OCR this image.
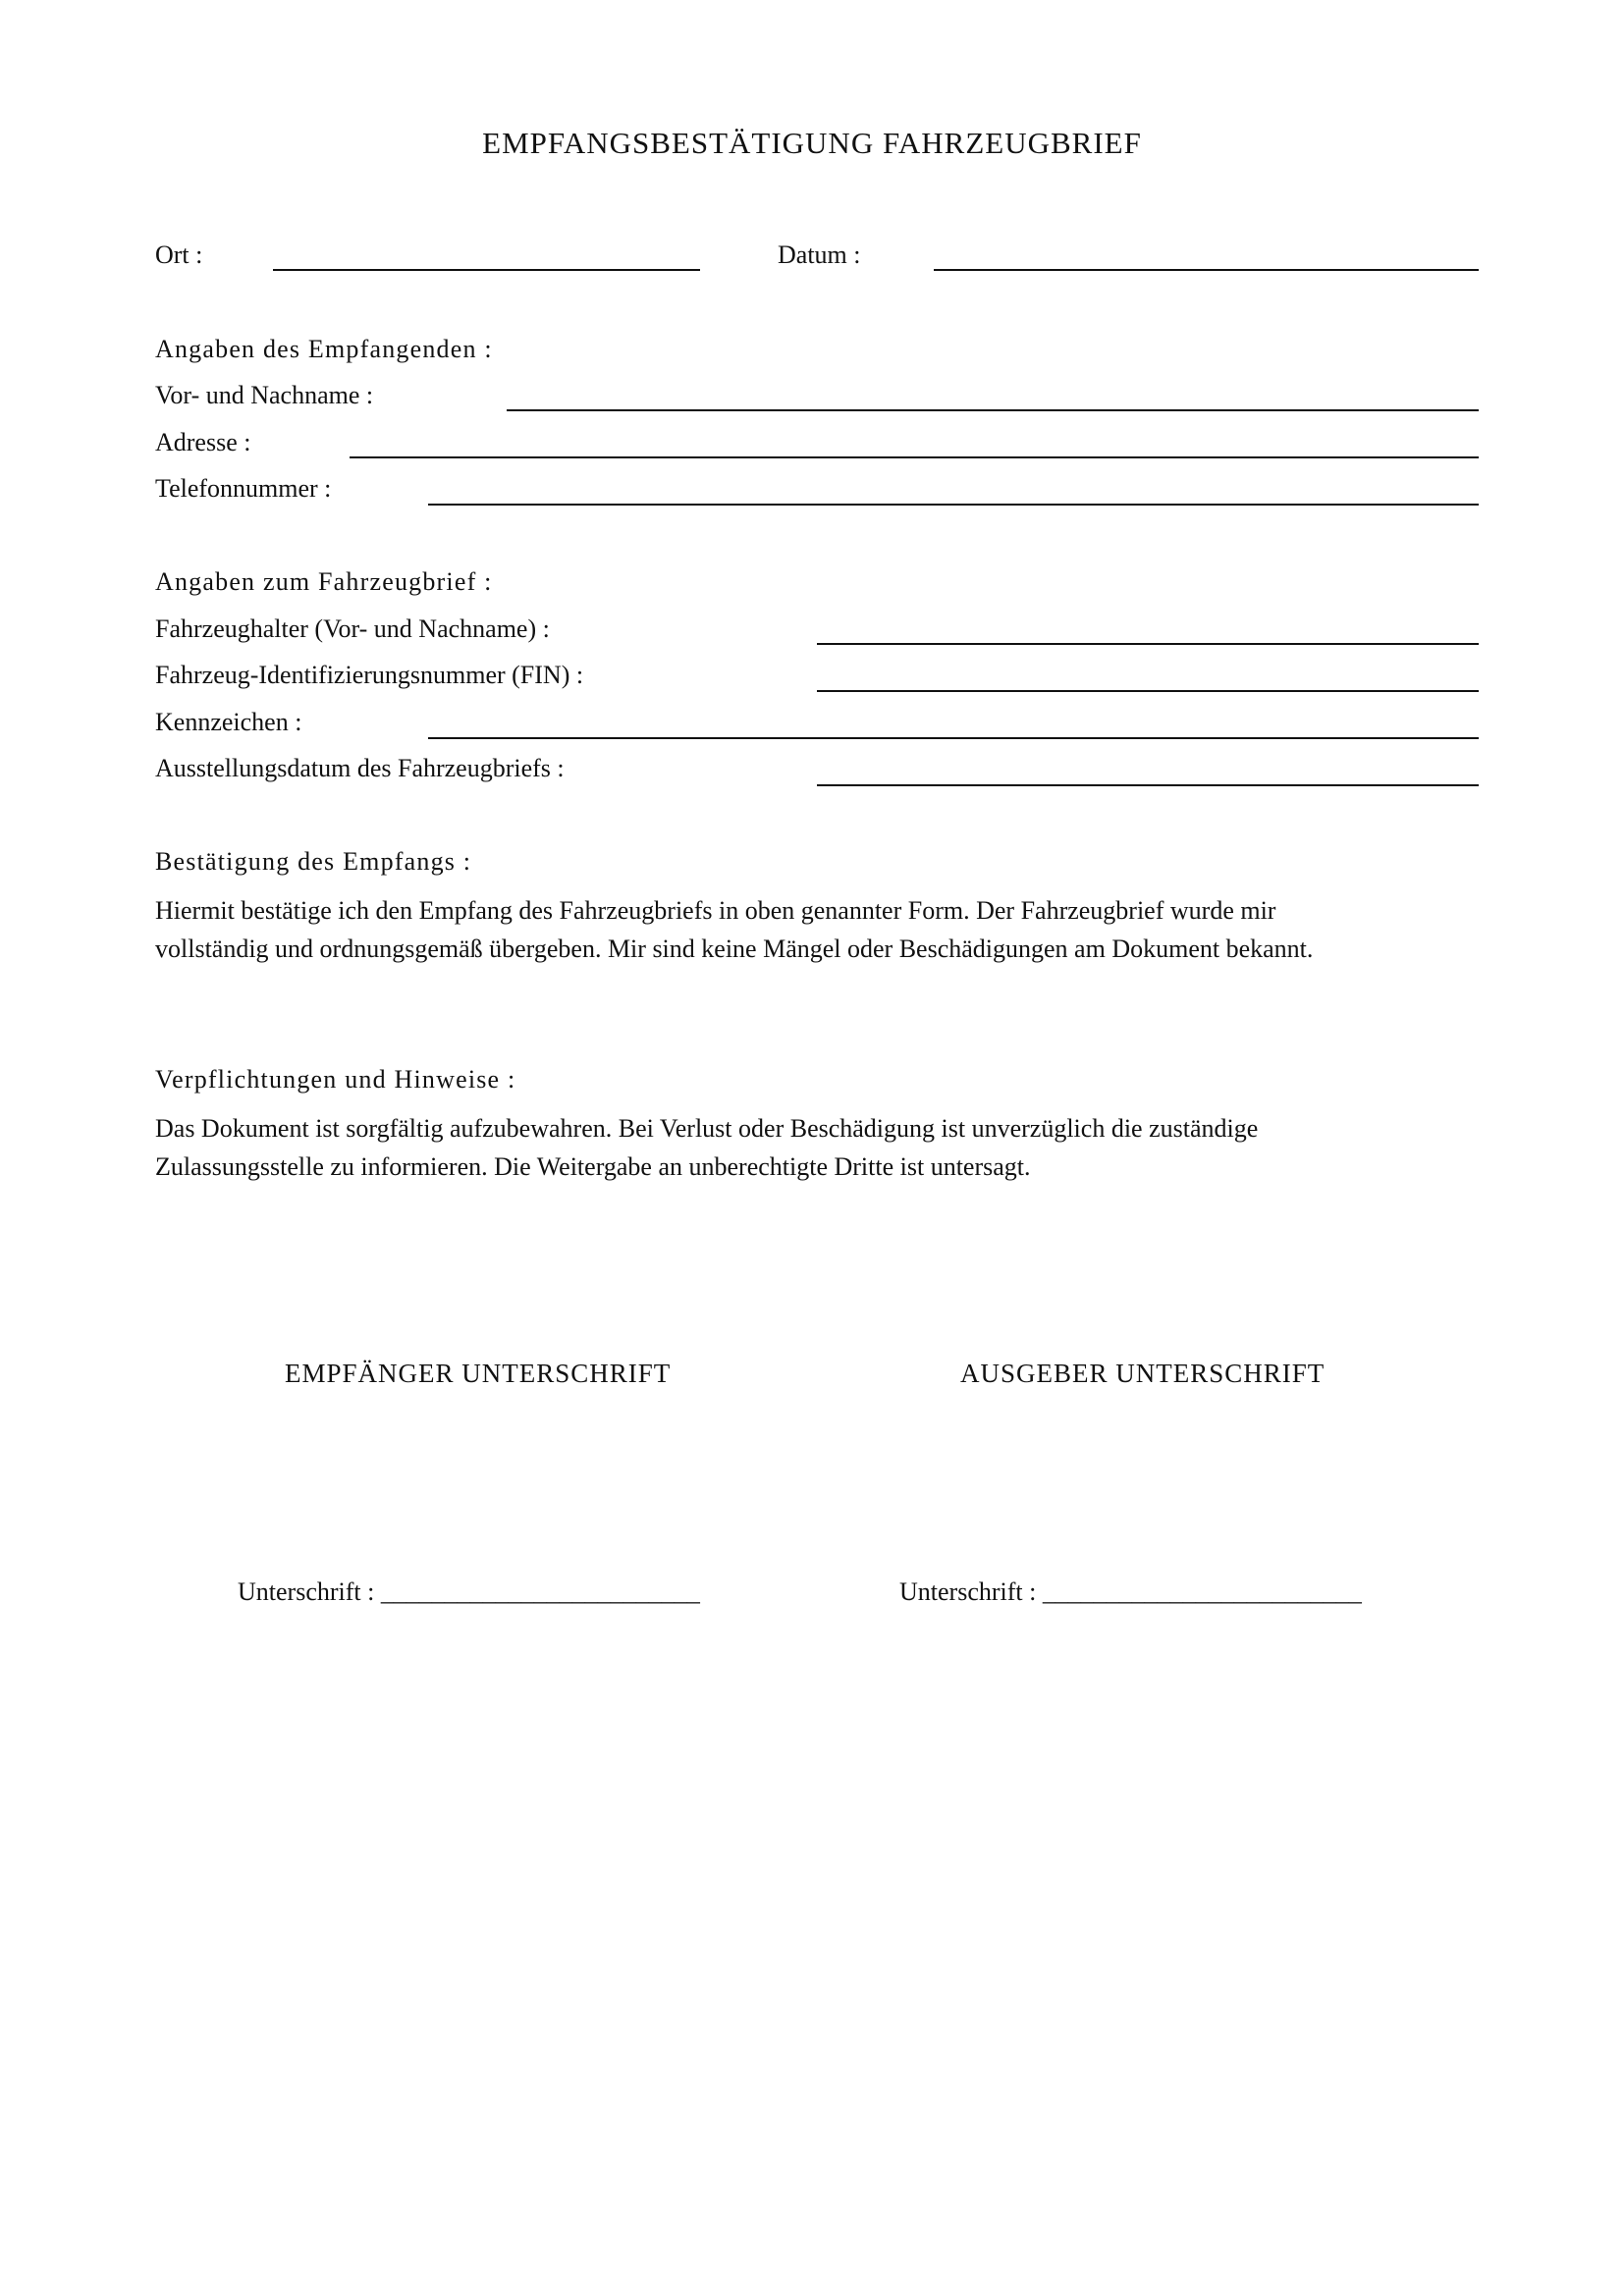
EMPFANGSBESTÄTIGUNG FAHRZEUGBRIEF
Ort :	Datum :
Angaben des Empfangenden :
Vor- und Nachname :
Adresse :
Telefonnummer :
Angaben zum Fahrzeugbrief :
Fahrzeughalter (Vor- und Nachname) :
Fahrzeug-Identifizierungsnummer (FIN) :
Kennzeichen :
Ausstellungsdatum des Fahrzeugbriefs :
Bestätigung des Empfangs :
Hiermit bestätige ich den Empfang des Fahrzeugbriefs in oben genannter Form. Der Fahrzeugbrief wurde mir
vollständig und ordnungsgemäß übergeben. Mir sind keine Mängel oder Beschädigungen am Dokument bekannt.
Verpflichtungen und Hinweise :
Das Dokument ist sorgfältig aufzubewahren. Bei Verlust oder Beschädigung ist unverzüglich die zuständige
Zulassungsstelle zu informieren. Die Weitergabe an unberechtigte Dritte ist untersagt.
EMPFÄNGER UNTERSCHRIFT	AUSGEBER UNTERSCHRIFT
Unterschrift : _________________________	Unterschrift : _________________________
